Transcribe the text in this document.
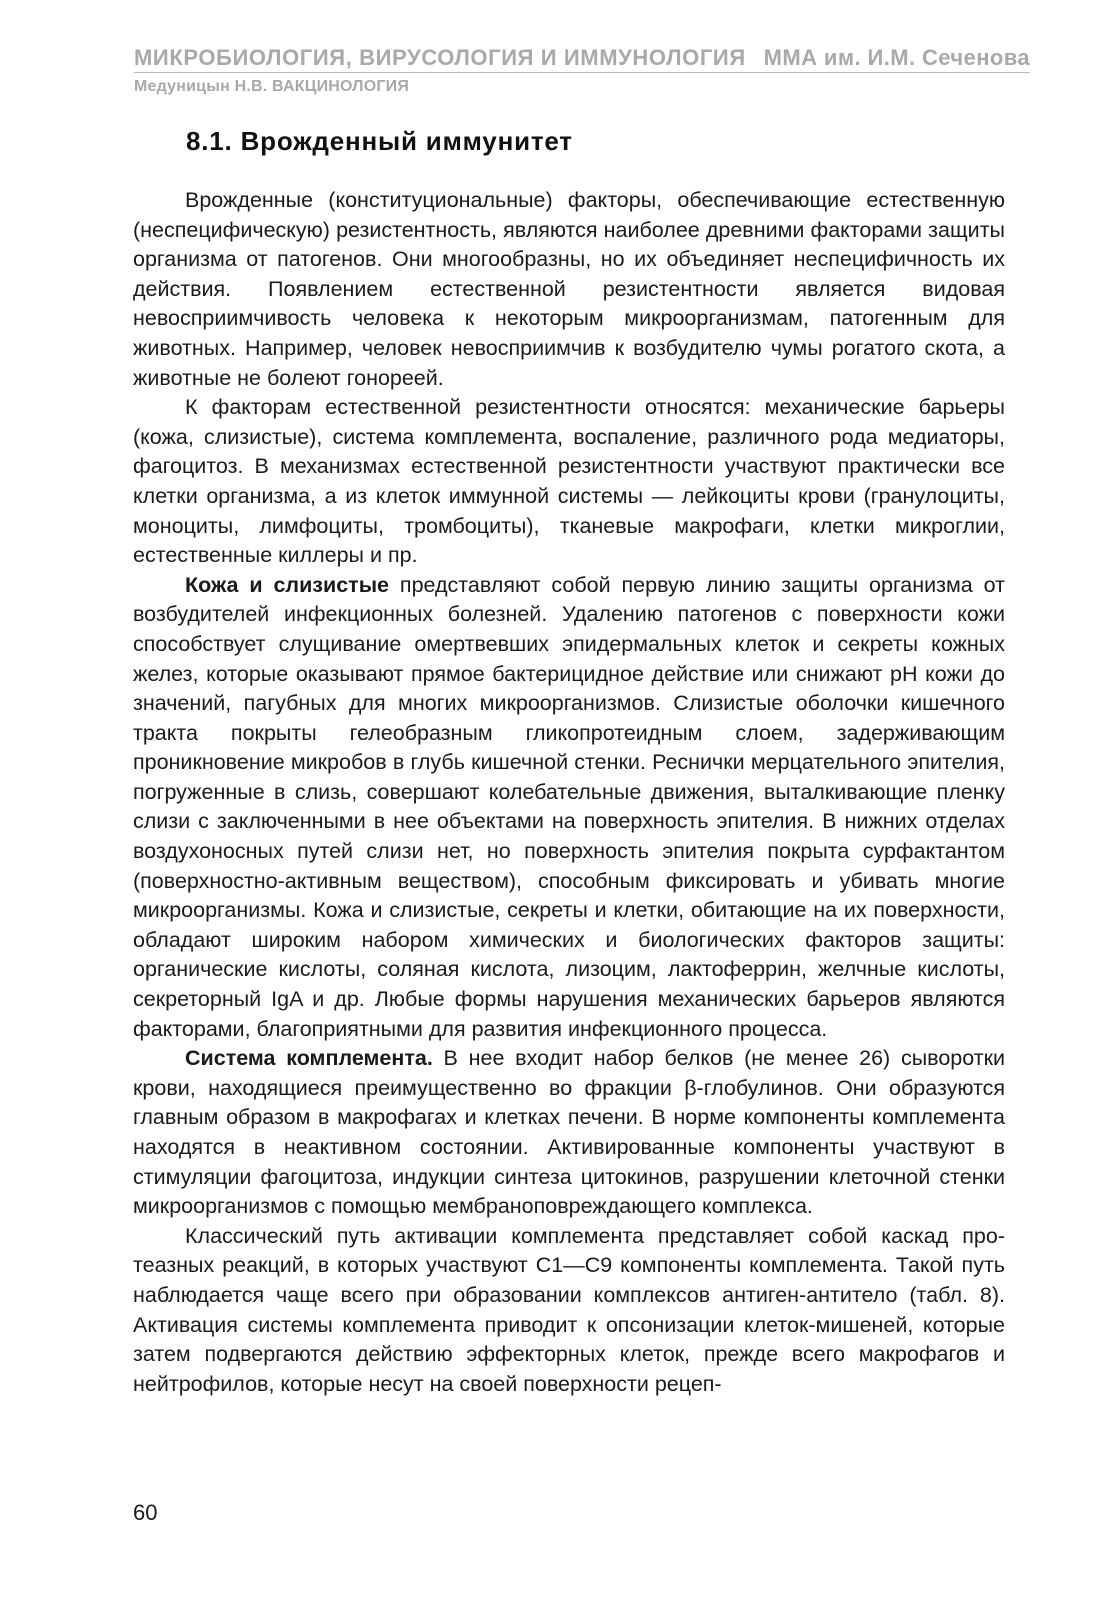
МИКРОБИОЛОГИЯ, ВИРУСОЛОГИЯ И ИММУНОЛОГИЯ ММА им. И.М. Сеченова
Медуницын Н.В. ВАКЦИНОЛОГИЯ
8.1. Врожденный иммунитет

Врожденные (конституциональные) факторы, обеспечивающие естественную (неспецифическую) резистентность, являются наиболее древними факторами защиты организма от патогенов. Они многообразны, но их объединяет неспецифичность их действия. Появлением естественной резистентности является видовая невосприимчивость человека к некоторым микроорганизмам, патогенным для животных. Например, человек невосприимчив к возбудителю чумы рогатого скота, а животные не болеют гонореей.

К факторам естественной резистентности относятся: механические барьеры (кожа, слизистые), система комплемента, воспаление, различного рода медиаторы, фагоцитоз. В механизмах естественной резистентности участвуют практически все клетки организма, а из клеток иммунной системы — лейкоциты крови (гранулоциты, моноциты, лимфоциты, тромбоциты), тканевые макрофаги, клетки микроглии, естественные киллеры и пр.

Кожа и слизистые представляют собой первую линию защиты организма от возбудителей инфекционных болезней. Удалению патогенов с поверхности кожи способствует слущивание омертвевших эпидермальных клеток и секреты кожных желез, которые оказывают прямое бактерицидное действие или снижают pH кожи до значений, пагубных для многих микроорганизмов. Слизистые оболочки кишечного тракта покрыты гелеобразным гликопротеидным слоем, задерживающим проникновение микробов в глубь кишечной стенки. Реснички мерцательного эпителия, погруженные в слизь, совершают колебательные движения, выталкивающие пленку слизи с заключенными в нее объектами на поверхность эпителия. В нижних отделах воздухоносных путей слизи нет, но поверхность эпителия покрыта сурфактантом (поверхностно-активным веществом), способным фиксировать и убивать многие микроорганизмы. Кожа и слизистые, секреты и клетки, обитающие на их поверхности, обладают широким набором химических и биологических факторов защиты: органические кислоты, соляная кислота, лизоцим, лактоферрин, желчные кислоты, секреторный IgA и др. Любые формы нарушения механических барьеров являются факторами, благоприятными для развития инфекционного процесса.

Система комплемента. В нее входит набор белков (не менее 26) сыворотки крови, находящиеся преимущественно во фракции β-глобулинов. Они образуются главным образом в макрофагах и клетках печени. В норме компоненты комплемента находятся в неактивном состоянии. Активированные компоненты участвуют в стимуляции фагоцитоза, индукции синтеза цитокинов, разрушении клеточной стенки микроорганизмов с помощью мембраноповреждающего комплекса.

Классический путь активации комплемента представляет собой каскад протеазных реакций, в которых участвуют C1—C9 компоненты комплемента. Такой путь наблюдается чаще всего при образовании комплексов антиген-антитело (табл. 8). Активация системы комплемента приводит к опсонизации клеток-мишеней, которые затем подвергаются действию эффекторных клеток, прежде всего макрофагов и нейтрофилов, которые несут на своей поверхности рецеп-

60
